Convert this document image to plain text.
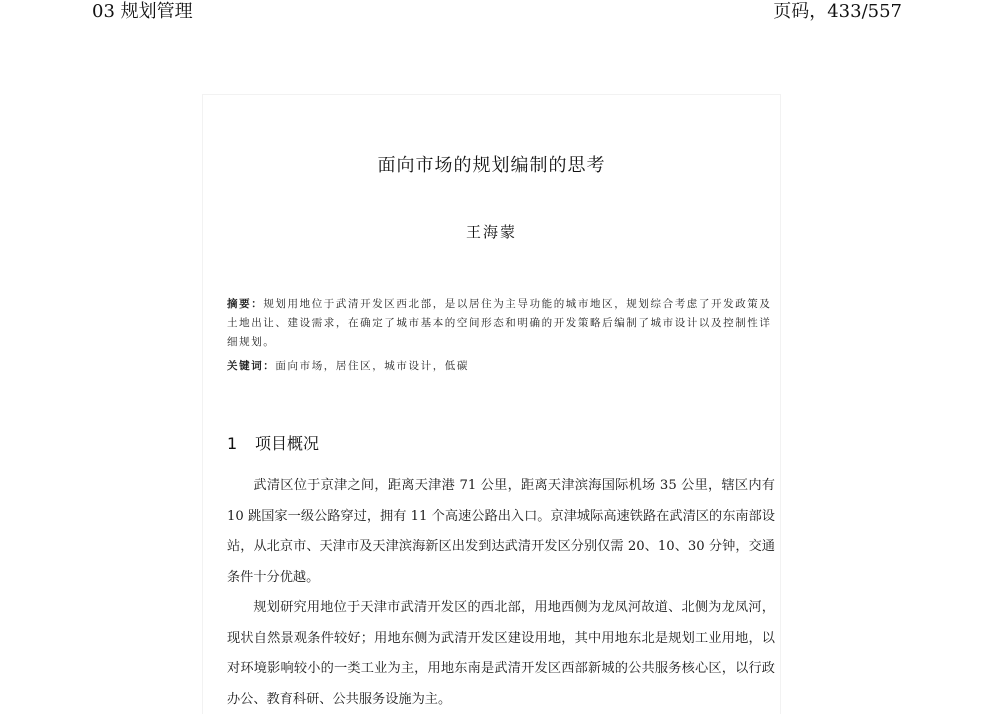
03 规划管理	页码，433/557
面向市场的规划编制的思考
王海蒙
摘要：规划用地位于武清开发区西北部，是以居住为主导功能的城市地区，规划综合考虑了开发政策及土地出让、建设需求，在确定了城市基本的空间形态和明确的开发策略后编制了城市设计以及控制性详细规划。
关键词：面向市场，居住区，城市设计，低碳
1 项目概况

武清区位于京津之间，距离天津港 71 公里，距离天津滨海国际机场 35 公里，辖区内有 10 跳国家一级公路穿过，拥有 11 个高速公路出入口。京津城际高速铁路在武清区的东南部设站，从北京市、天津市及天津滨海新区出发到达武清开发区分别仅需 20、10、30 分钟，交通条件十分优越。

规划研究用地位于天津市武清开发区的西北部，用地西侧为龙凤河故道、北侧为龙凤河，现状自然景观条件较好；用地东侧为武清开发区建设用地，其中用地东北是规划工业用地，以对环境影响较小的一类工业为主，用地东南是武清开发区西部新城的公共服务核心区，以行政办公、教育科研、公共服务设施为主。
